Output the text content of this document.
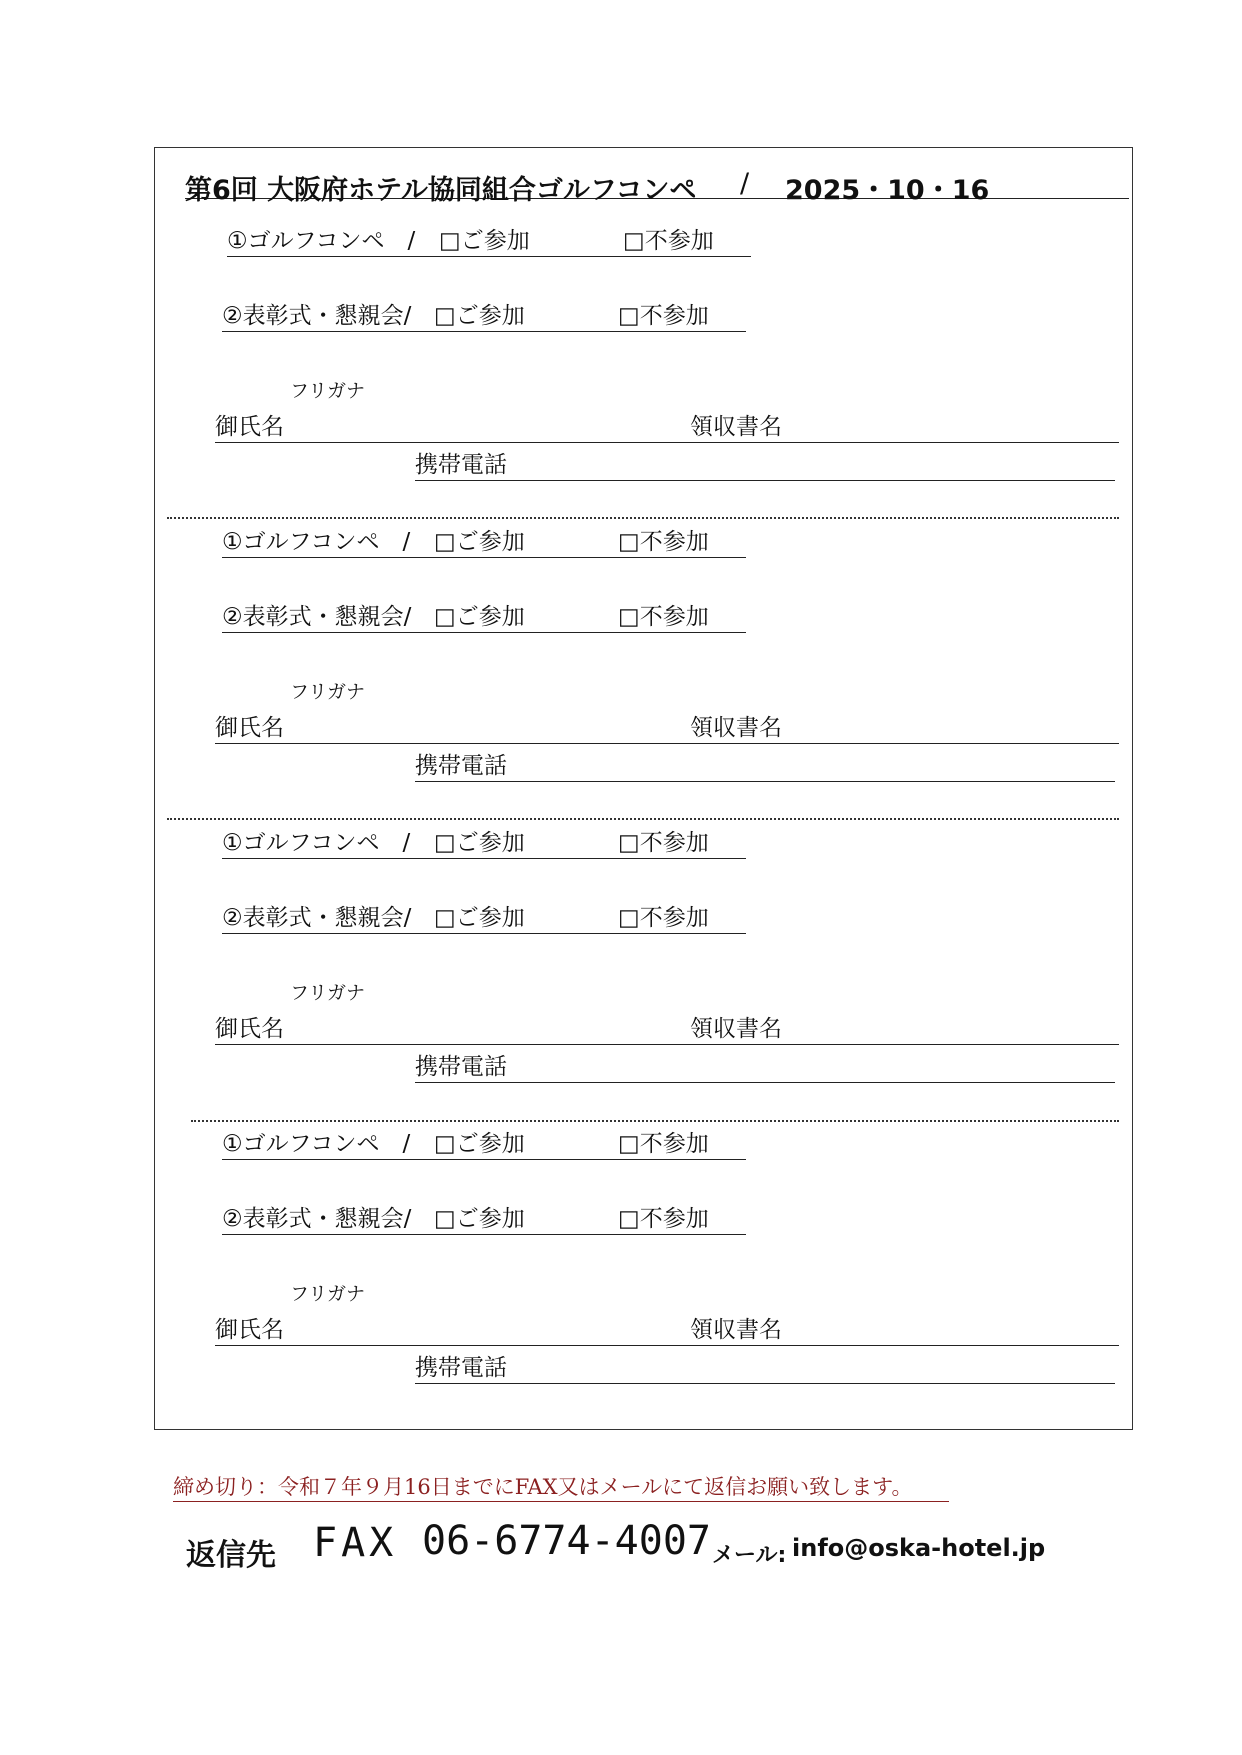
第6回 大阪府ホテル協同組合ゴルフコンペ / 2025・10・16
①ゴルフコンペ　/ □ご参加	□不参加
②表彰式・懇親会/ □ご参加	□不参加
フリガナ
御氏名	領収書名
携帯電話
①ゴルフコンペ　/ □ご参加	□不参加
②表彰式・懇親会/ □ご参加	□不参加
フリガナ
御氏名	領収書名
携帯電話
①ゴルフコンペ　/ □ご参加	□不参加
②表彰式・懇親会/ □ご参加	□不参加
フリガナ
御氏名	領収書名
携帯電話
①ゴルフコンペ　/ □ご参加	□不参加
②表彰式・懇親会/ □ご参加	□不参加
フリガナ
御氏名	領収書名
携帯電話
締め切り：令和７年９月16日までにFAX又はメールにて返信お願い致します。
返信先 FAX 06-6774-4007 メール: info@oska-hotel.jp
